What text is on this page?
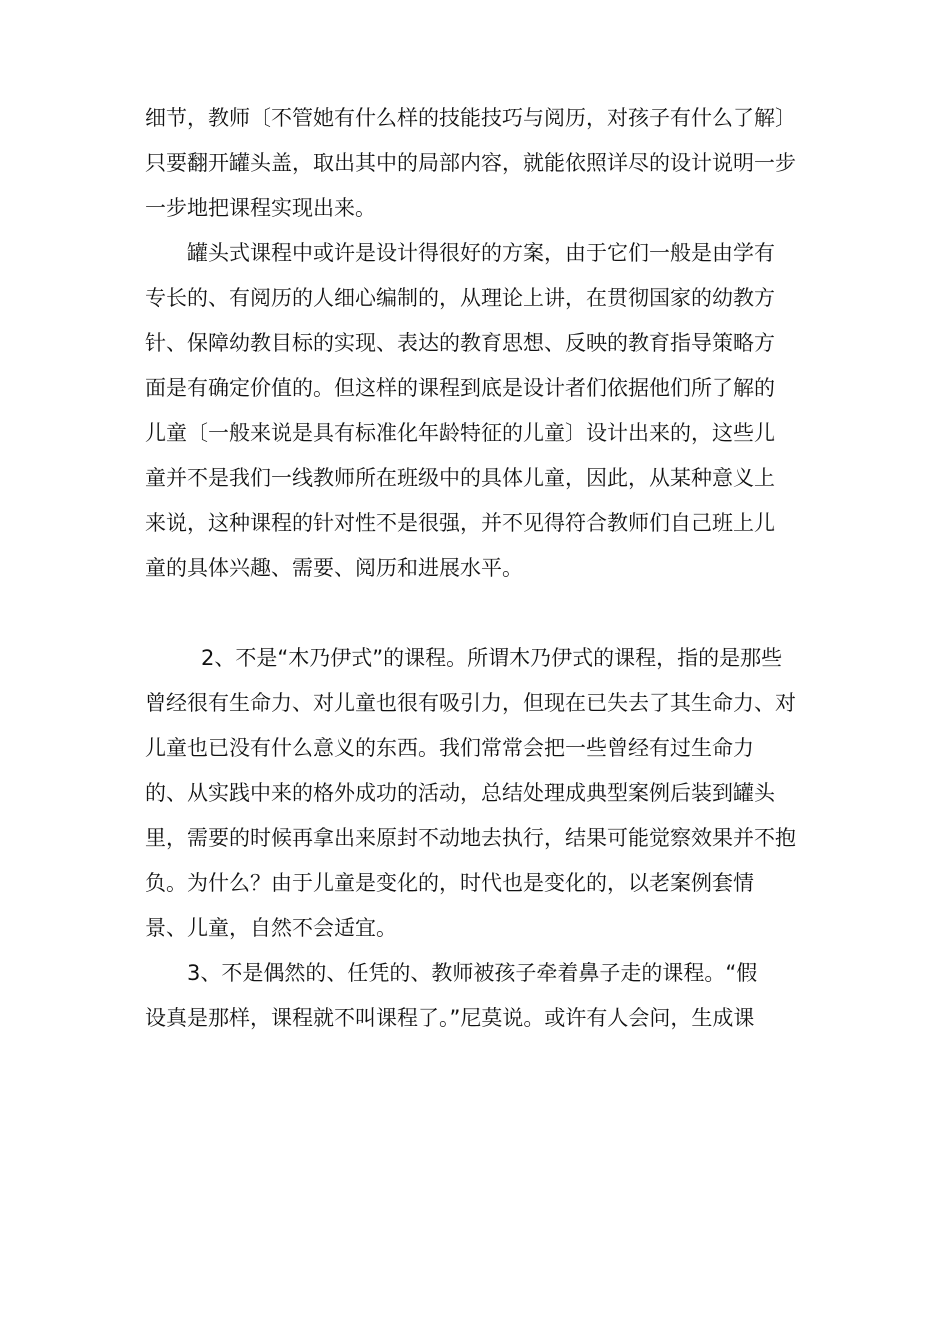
细节，教师〔不管她有什么样的技能技巧与阅历，对孩子有什么了解〕

只要翻开罐头盖，取出其中的局部内容，就能依照详尽的设计说明一步

一步地把课程实现出来。

罐头式课程中或许是设计得很好的方案，由于它们一般是由学有

专长的、有阅历的人细心编制的，从理论上讲，在贯彻国家的幼教方

针、保障幼教目标的实现、表达的教育思想、反映的教育指导策略方

面是有确定价值的。但这样的课程到底是设计者们依据他们所了解的

儿童〔一般来说是具有标准化年龄特征的儿童〕设计出来的，这些儿

童并不是我们一线教师所在班级中的具体儿童，因此，从某种意义上

来说，这种课程的针对性不是很强，并不见得符合教师们自己班上儿

童的具体兴趣、需要、阅历和进展水平。

2、不是“木乃伊式”的课程。所谓木乃伊式的课程，指的是那些

曾经很有生命力、对儿童也很有吸引力，但现在已失去了其生命力、对

儿童也已没有什么意义的东西。我们常常会把一些曾经有过生命力

的、从实践中来的格外成功的活动，总结处理成典型案例后装到罐头

里，需要的时候再拿出来原封不动地去执行，结果可能觉察效果并不抱

负。为什么？由于儿童是变化的，时代也是变化的，以老案例套情

景、儿童，自然不会适宜。

3、不是偶然的、任凭的、教师被孩子牵着鼻子走的课程。“假

设真是那样，课程就不叫课程了。”尼莫说。或许有人会问，生成课
